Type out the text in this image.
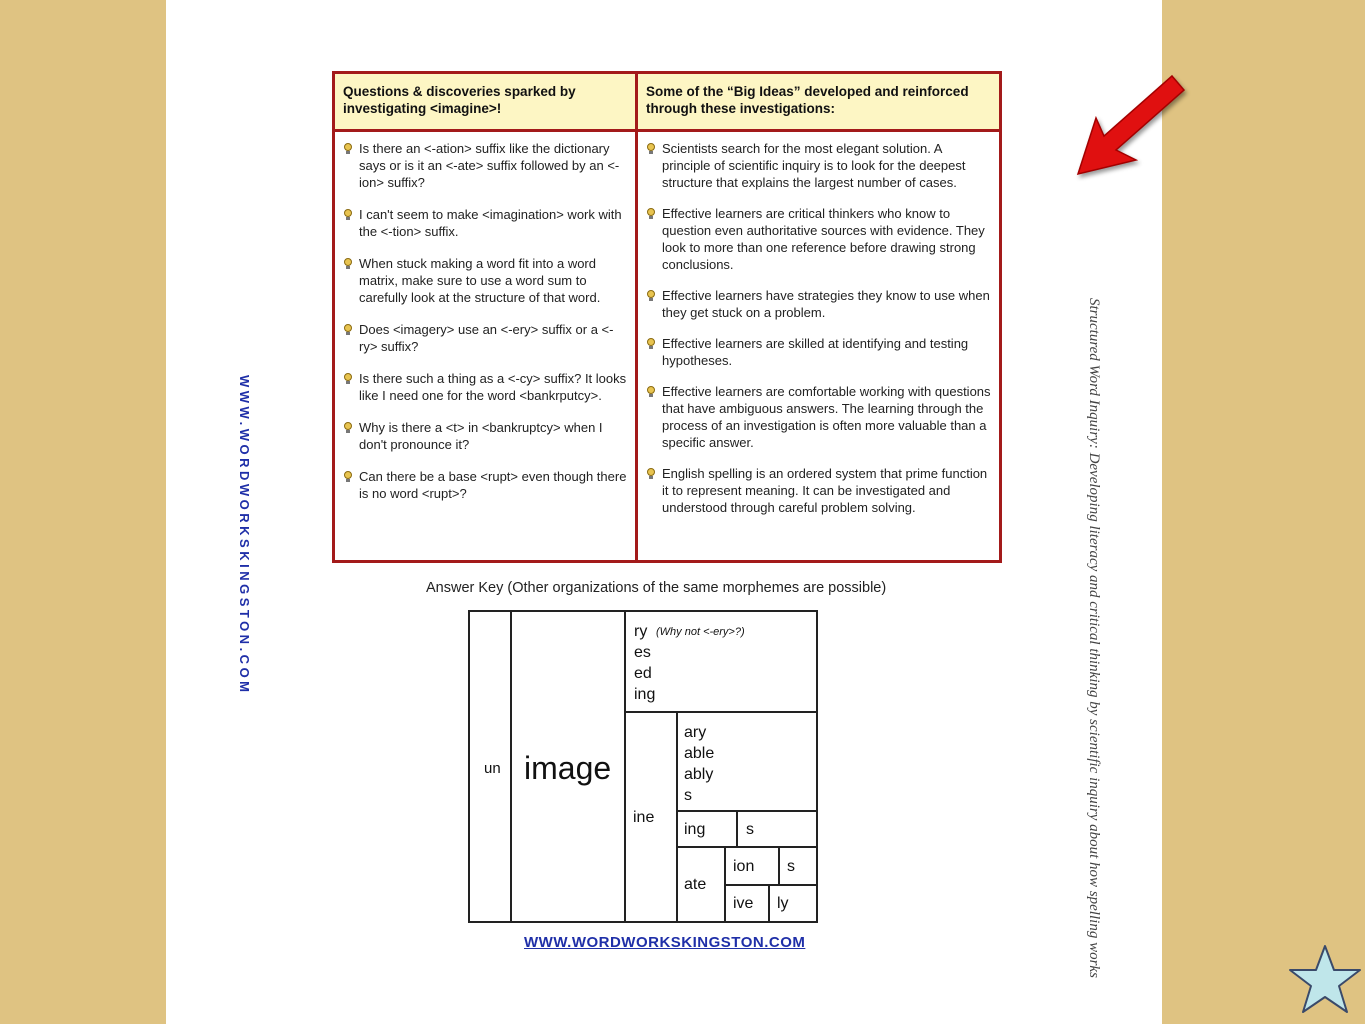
WWW.WORDWORKSKINGSTON.COM	Structured Word Inquiry: Developing literacy and critical thinking by scientific inquiry about how spelling works
Questions & discoveries sparked by investigating <imagine>!
Some of the “Big Ideas” developed and reinforced through these investigations:
Is there an <-ation> suffix like the dictionary says or is it an <-ate> suffix followed by an <-ion> suffix?
I can't seem to make <imagination> work with the <-tion> suffix.
When stuck making a word fit into a word matrix, make sure to use a word sum to carefully look at the structure of that word.
Does <imagery> use an <-ery> suffix or a <-ry> suffix?
Is there such a thing as a <-cy> suffix? It looks like I need one for the word <bankrputcy>.
Why is there a <t> in <bankruptcy> when I don't pronounce it?
Can there be a base <rupt> even though there is no word <rupt>?
Scientists search for the most elegant solution. A principle of scientific inquiry is to look for the deepest structure that explains the largest number of cases.
Effective learners are critical thinkers who know to question even authoritative sources with evidence. They look to more than one reference before drawing strong conclusions.
Effective learners have strategies they know to use when they get stuck on a problem.
Effective learners are skilled at identifying and testing hypotheses.
Effective learners are comfortable working with questions that have ambiguous answers. The learning through the process of an investigation is often more valuable than a specific answer.
English spelling is an ordered system that prime function it to represent meaning. It can be investigated and understood through careful problem solving.
Answer Key (Other organizations of the same morphemes are possible)
un image
ry
es
ed
ing
(Why not <-ery>?)
ine
ary
able
ably
s
ing	s
ate
ion s
ive ly
WWW.WORDWORKSKINGSTON.COM
